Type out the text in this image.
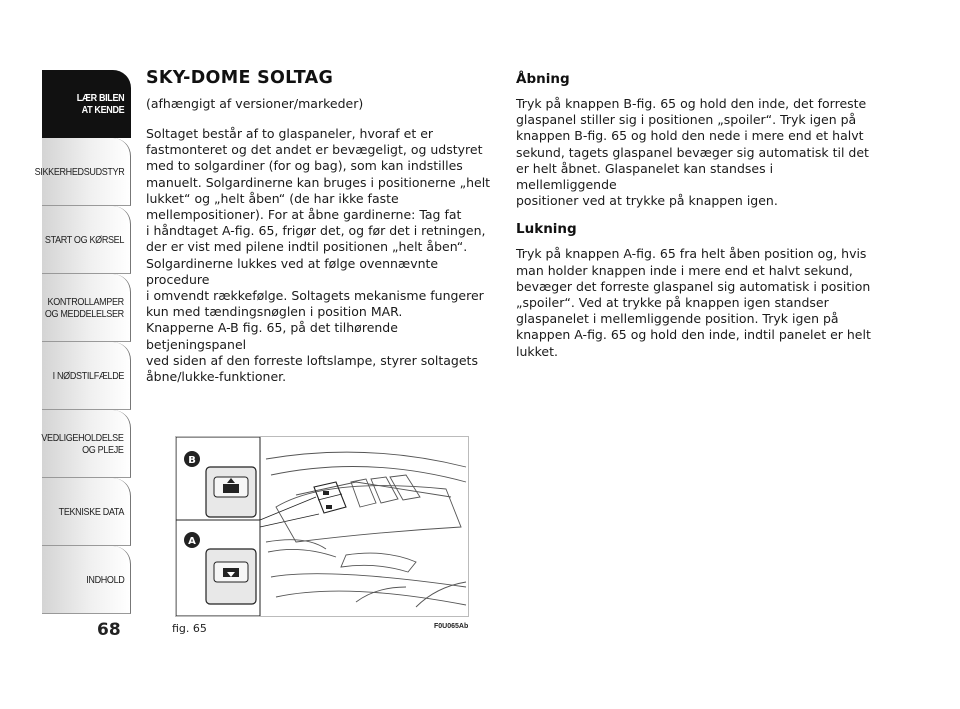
LÆR BILEN
AT KENDE
SIKKERHEDSUDSTYR
START OG KØRSEL
KONTROLLAMPER
OG MEDDELELSER
I NØDSTILFÆLDE
VEDLIGEHOLDELSE
OG PLEJE
TEKNISKE DATA
INDHOLD
68
SKY-DOME SOLTAG

(afhængigt af versioner/markeder)

Soltaget består af to glaspaneler, hvoraf et er
fastmonteret og det andet er bevægeligt, og udstyret
med to solgardiner (for og bag), som kan indstilles
manuelt. Solgardinerne kan bruges i positionerne „helt
lukket“ og „helt åben“ (de har ikke faste
mellempositioner). For at åbne gardinerne: Tag fat
i håndtaget A-fig. 65, frigør det, og før det i retningen,
der er vist med pilene indtil positionen „helt åben“.
Solgardinerne lukkes ved at følge ovennævnte procedure
i omvendt rækkefølge. Soltagets mekanisme fungerer
kun med tændingsnøglen i position MAR.
Knapperne A-B fig. 65, på det tilhørende betjeningspanel
ved siden af den forreste loftslampe, styrer soltagets
åbne/lukke-funktioner.

Åbning

Tryk på knappen B-fig. 65 og hold den inde, det forreste
glaspanel stiller sig i positionen „spoiler“. Tryk igen på
knappen B-fig. 65 og hold den nede i mere end et halvt
sekund, tagets glaspanel bevæger sig automatisk til det
er helt åbnet. Glaspanelet kan standses i mellemliggende
positioner ved at trykke på knappen igen.

Lukning

Tryk på knappen A-fig. 65 fra helt åben position og, hvis
man holder knappen inde i mere end et halvt sekund,
bevæger det forreste glaspanel sig automatisk i position
„spoiler“. Ved at trykke på knappen igen standser
glaspanelet i mellemliggende position. Tryk igen på
knappen A-fig. 65 og hold den inde, indtil panelet er helt
lukket.

B
A
fig. 65	F0U065Ab
